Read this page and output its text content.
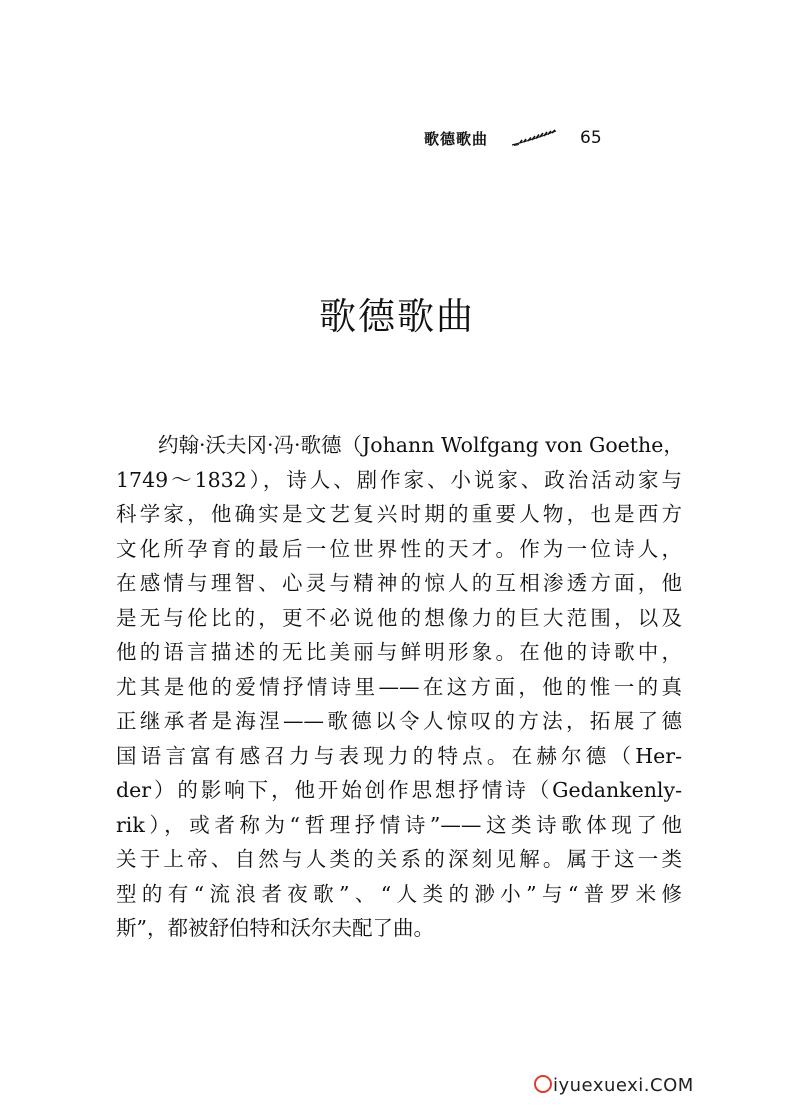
歌德歌曲	65
歌德歌曲
约翰·沃夫冈·冯·歌德（Johann Wolfgang von Goethe，
1749～1832），诗人、剧作家、小说家、政治活动家与
科学家，他确实是文艺复兴时期的重要人物，也是西方
文化所孕育的最后一位世界性的天才。作为一位诗人，
在感情与理智、心灵与精神的惊人的互相渗透方面，他
是无与伦比的，更不必说他的想像力的巨大范围，以及
他的语言描述的无比美丽与鲜明形象。在他的诗歌中，
尤其是他的爱情抒情诗里——在这方面，他的惟一的真
正继承者是海涅——歌德以令人惊叹的方法，拓展了德
国语言富有感召力与表现力的特点。在赫尔德（Her-
der）的影响下，他开始创作思想抒情诗（Gedankenly-
rik），或者称为“哲理抒情诗”——这类诗歌体现了他
关于上帝、自然与人类的关系的深刻见解。属于这一类
型的有“流浪者夜歌”、“人类的渺小”与“普罗米修
斯”，都被舒伯特和沃尔夫配了曲。
iyuexuexi.COM
